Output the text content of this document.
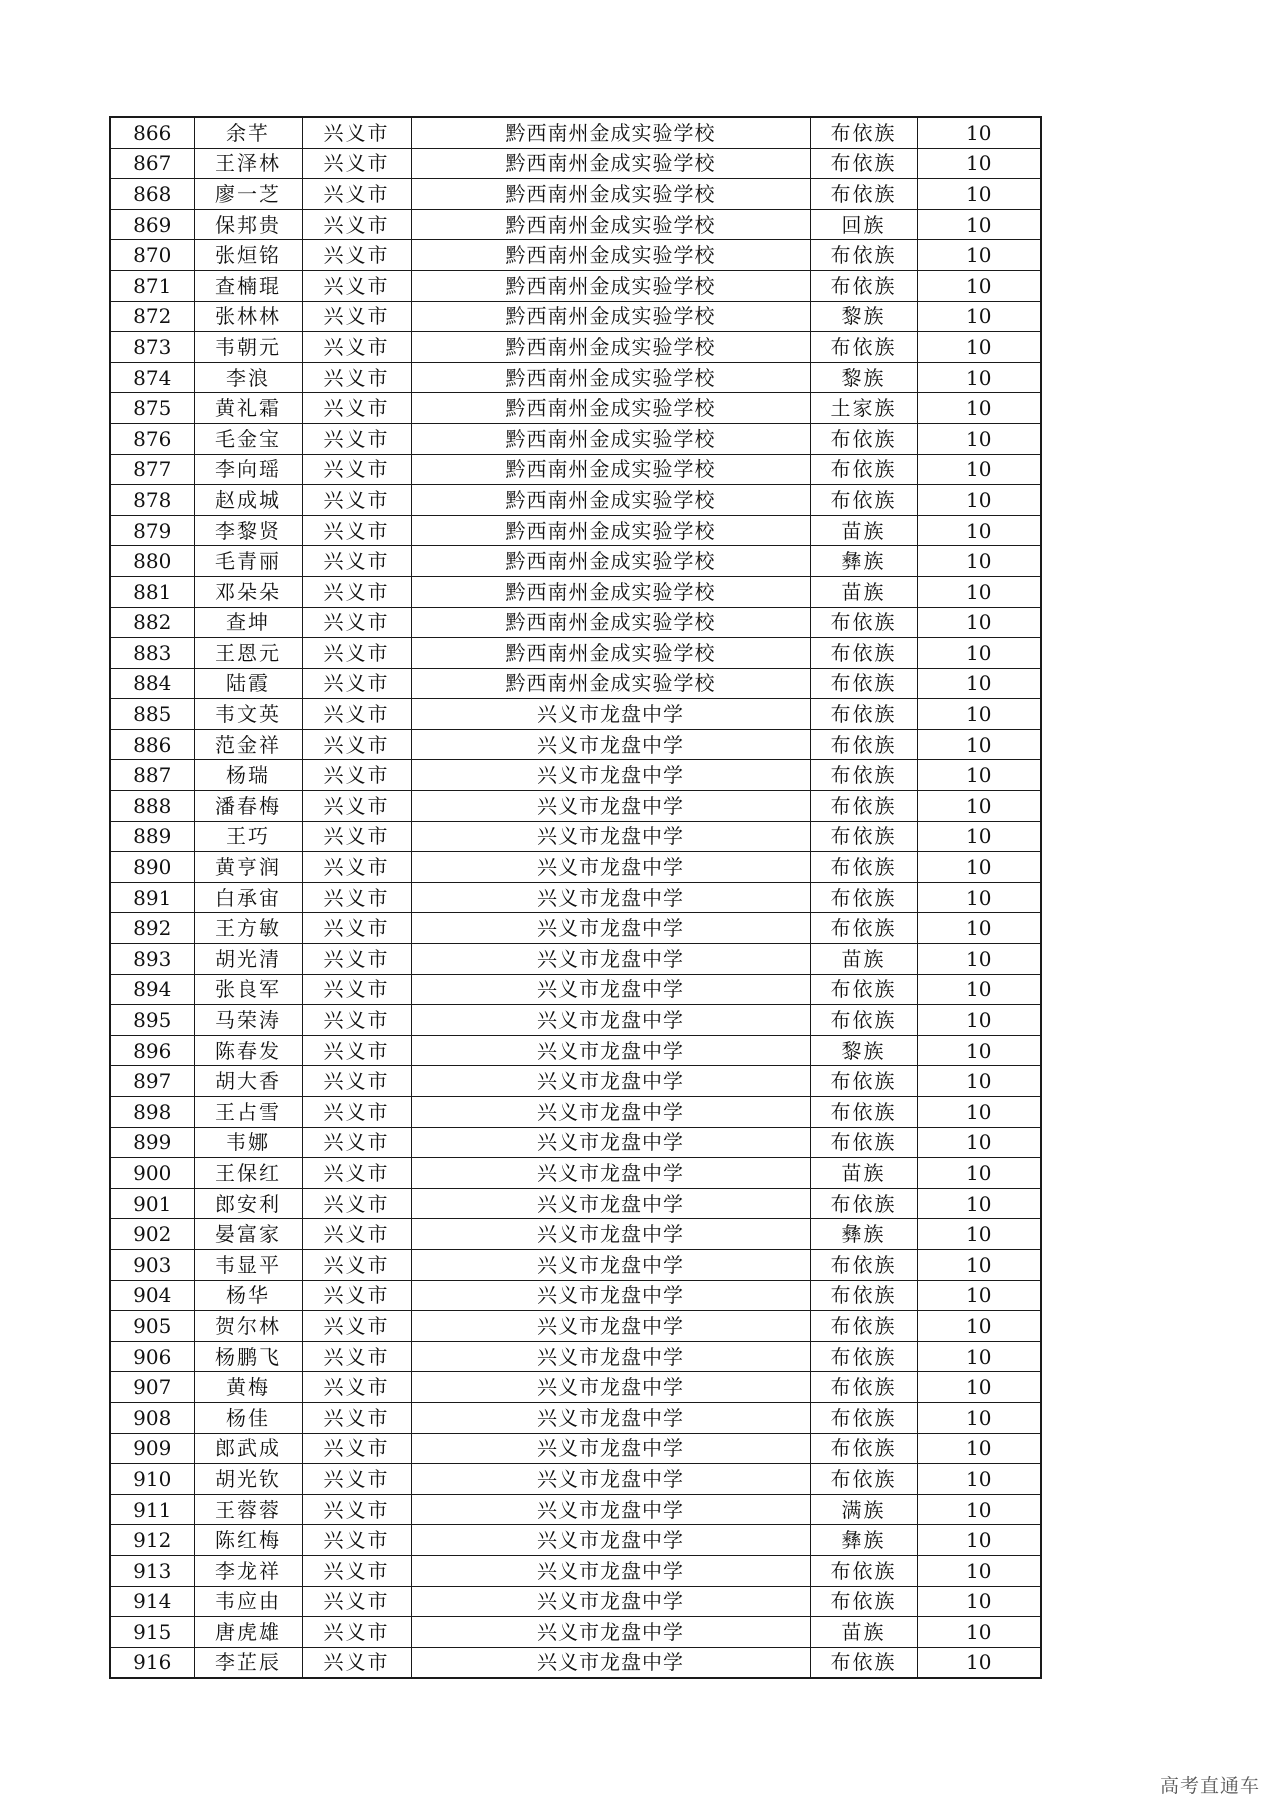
866	余芊	兴义市	黔西南州金成实验学校	布依族	10
867	王泽林	兴义市	黔西南州金成实验学校	布依族	10
868	廖一芝	兴义市	黔西南州金成实验学校	布依族	10
869	保邦贵	兴义市	黔西南州金成实验学校	回族	10
870	张烜铭	兴义市	黔西南州金成实验学校	布依族	10
871	查楠琨	兴义市	黔西南州金成实验学校	布依族	10
872	张林林	兴义市	黔西南州金成实验学校	黎族	10
873	韦朝元	兴义市	黔西南州金成实验学校	布依族	10
874	李浪	兴义市	黔西南州金成实验学校	黎族	10
875	黄礼霜	兴义市	黔西南州金成实验学校	土家族	10
876	毛金宝	兴义市	黔西南州金成实验学校	布依族	10
877	李向瑶	兴义市	黔西南州金成实验学校	布依族	10
878	赵成城	兴义市	黔西南州金成实验学校	布依族	10
879	李黎贤	兴义市	黔西南州金成实验学校	苗族	10
880	毛青丽	兴义市	黔西南州金成实验学校	彝族	10
881	邓朵朵	兴义市	黔西南州金成实验学校	苗族	10
882	查坤	兴义市	黔西南州金成实验学校	布依族	10
883	王恩元	兴义市	黔西南州金成实验学校	布依族	10
884	陆霞	兴义市	黔西南州金成实验学校	布依族	10
885	韦文英	兴义市	兴义市龙盘中学	布依族	10
886	范金祥	兴义市	兴义市龙盘中学	布依族	10
887	杨瑞	兴义市	兴义市龙盘中学	布依族	10
888	潘春梅	兴义市	兴义市龙盘中学	布依族	10
889	王巧	兴义市	兴义市龙盘中学	布依族	10
890	黄亨润	兴义市	兴义市龙盘中学	布依族	10
891	白承宙	兴义市	兴义市龙盘中学	布依族	10
892	王方敏	兴义市	兴义市龙盘中学	布依族	10
893	胡光清	兴义市	兴义市龙盘中学	苗族	10
894	张良军	兴义市	兴义市龙盘中学	布依族	10
895	马荣涛	兴义市	兴义市龙盘中学	布依族	10
896	陈春发	兴义市	兴义市龙盘中学	黎族	10
897	胡大香	兴义市	兴义市龙盘中学	布依族	10
898	王占雪	兴义市	兴义市龙盘中学	布依族	10
899	韦娜	兴义市	兴义市龙盘中学	布依族	10
900	王保红	兴义市	兴义市龙盘中学	苗族	10
901	郎安利	兴义市	兴义市龙盘中学	布依族	10
902	晏富家	兴义市	兴义市龙盘中学	彝族	10
903	韦显平	兴义市	兴义市龙盘中学	布依族	10
904	杨华	兴义市	兴义市龙盘中学	布依族	10
905	贺尔林	兴义市	兴义市龙盘中学	布依族	10
906	杨鹏飞	兴义市	兴义市龙盘中学	布依族	10
907	黄梅	兴义市	兴义市龙盘中学	布依族	10
908	杨佳	兴义市	兴义市龙盘中学	布依族	10
909	郎武成	兴义市	兴义市龙盘中学	布依族	10
910	胡光钦	兴义市	兴义市龙盘中学	布依族	10
911	王蓉蓉	兴义市	兴义市龙盘中学	满族	10
912	陈红梅	兴义市	兴义市龙盘中学	彝族	10
913	李龙祥	兴义市	兴义市龙盘中学	布依族	10
914	韦应由	兴义市	兴义市龙盘中学	布依族	10
915	唐虎雄	兴义市	兴义市龙盘中学	苗族	10
916	李芷辰	兴义市	兴义市龙盘中学	布依族	10
高考直通车
